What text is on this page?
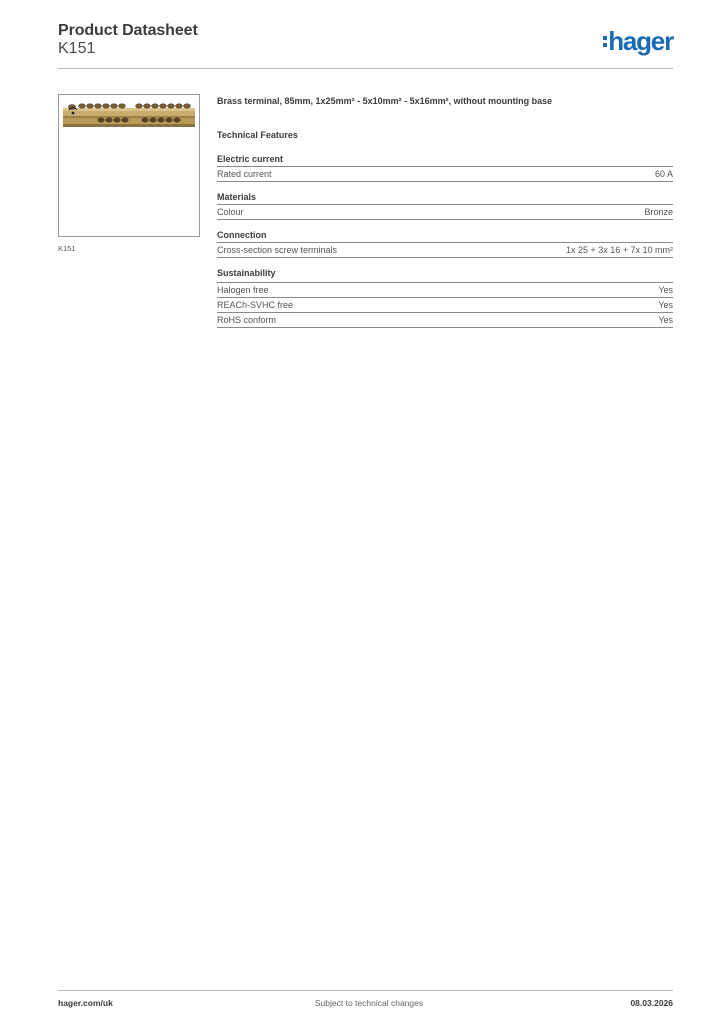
Product Datasheet
K151	hager
K151

Brass terminal, 85mm, 1x25mm² - 5x10mm² - 5x16mm², without mounting base

Technical Features
Electric current
Rated current	60 A
Materials
Colour	Bronze
Connection
Cross-section screw terminals	1x 25 + 3x 16 + 7x 10 mm²
Sustainability
Halogen free	Yes
REACh-SVHC free	Yes
RoHS conform	Yes
hager.com/uk	Subject to technical changes	08.03.2026
